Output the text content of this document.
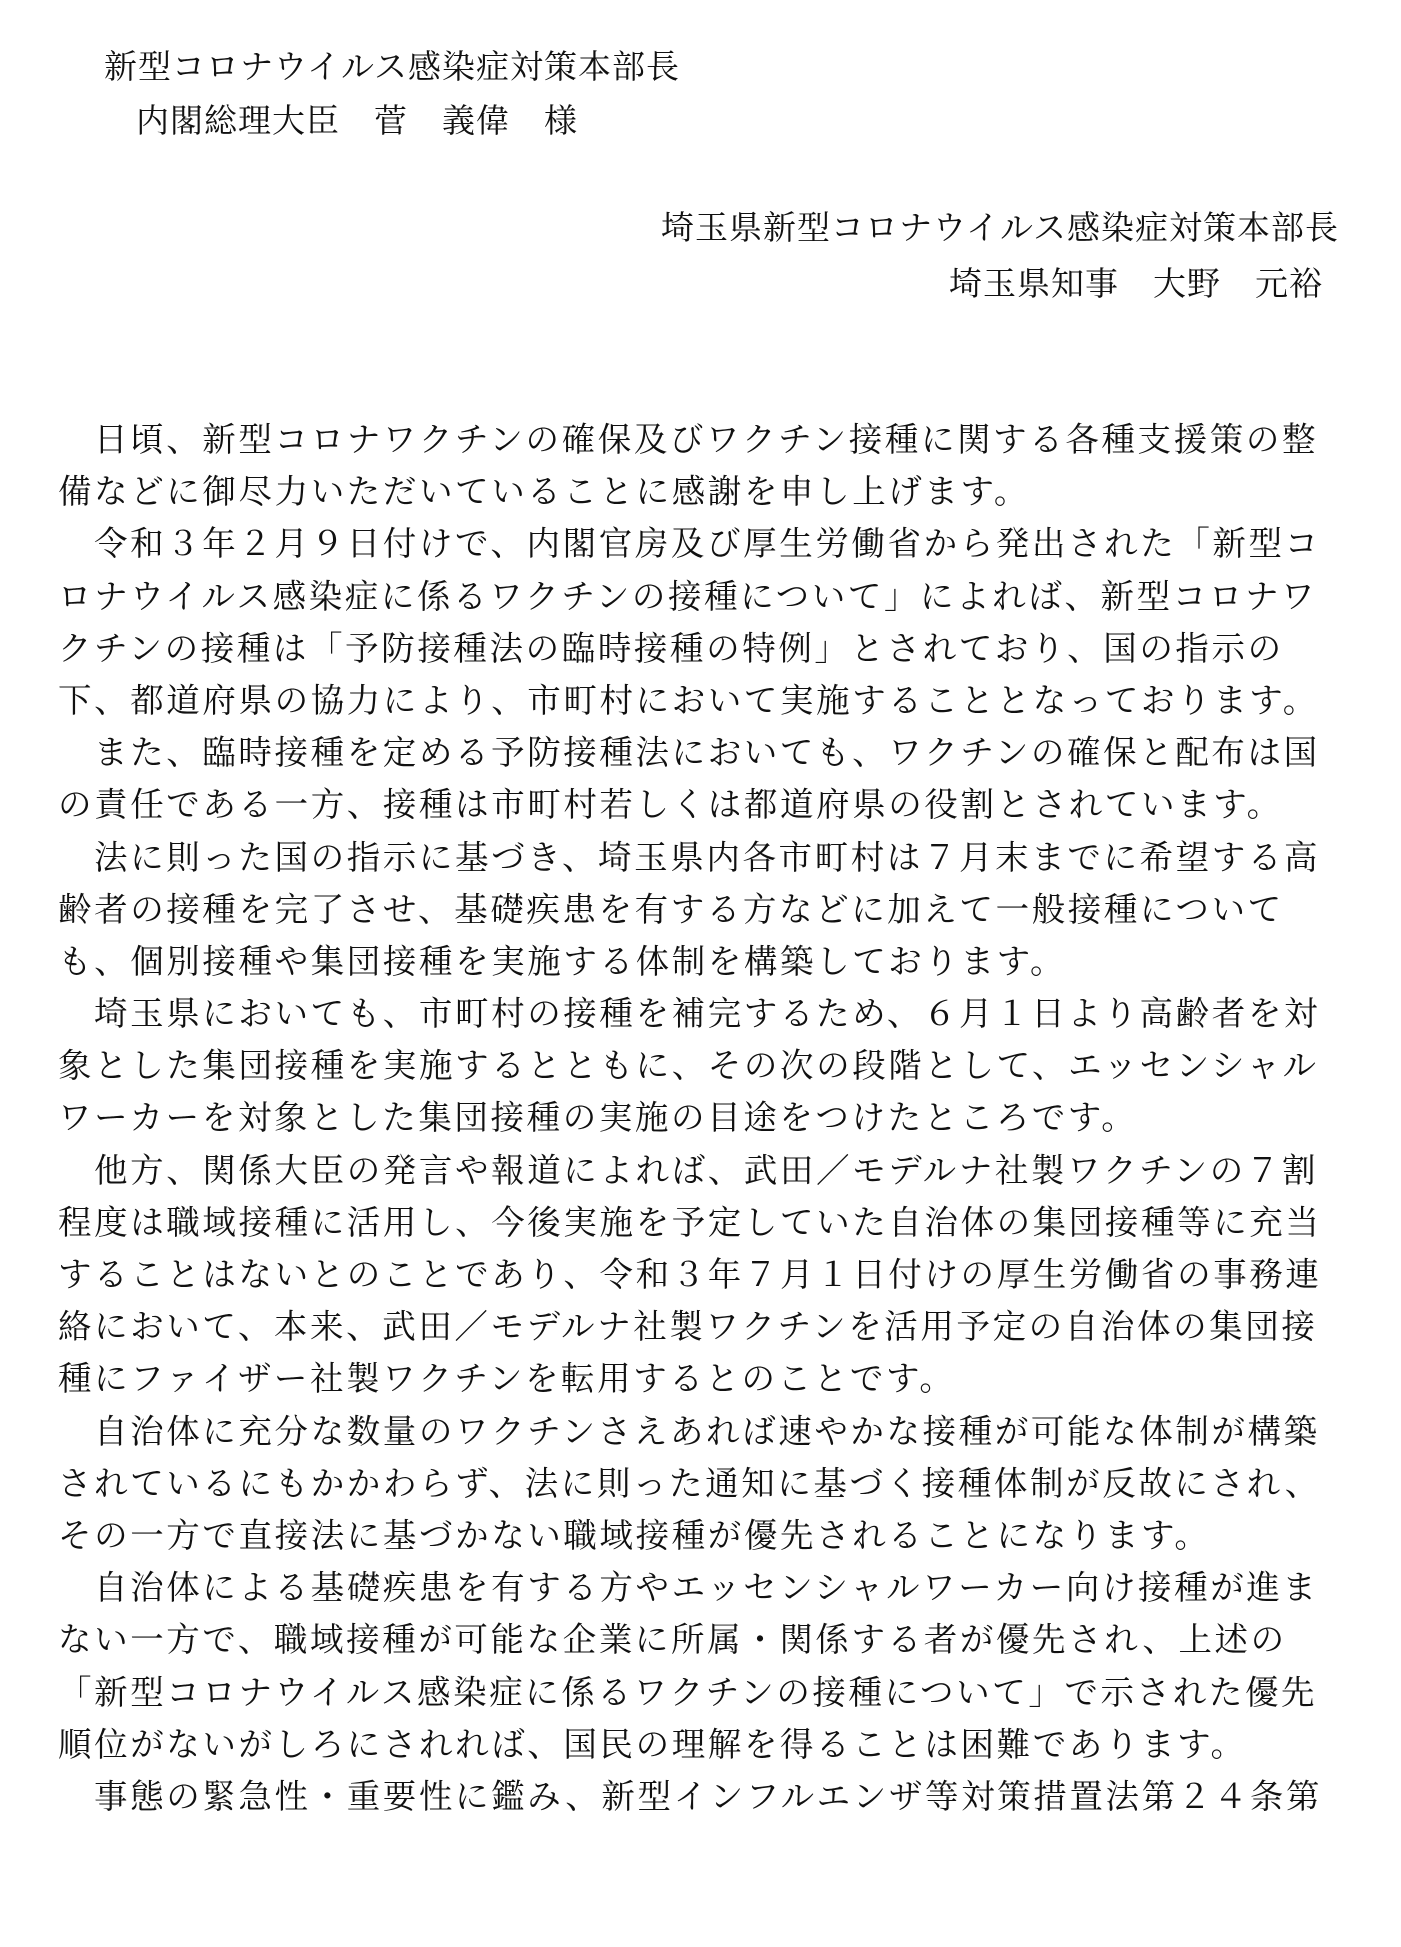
新型コロナウイルス感染症対策本部長
内閣総理大臣　菅　義偉　様
埼玉県新型コロナウイルス感染症対策本部長
埼玉県知事　大野　元裕
日頃、新型コロナワクチンの確保及びワクチン接種に関する各種支援策の整
備などに御尽力いただいていることに感謝を申し上げます。
令和３年２月９日付けで、内閣官房及び厚生労働省から発出された「新型コ
ロナウイルス感染症に係るワクチンの接種について」によれば、新型コロナワ
クチンの接種は「予防接種法の臨時接種の特例」とされており、国の指示の
下、都道府県の協力により、市町村において実施することとなっております。
また、臨時接種を定める予防接種法においても、ワクチンの確保と配布は国
の責任である一方、接種は市町村若しくは都道府県の役割とされています。
法に則った国の指示に基づき、埼玉県内各市町村は７月末までに希望する高
齢者の接種を完了させ、基礎疾患を有する方などに加えて一般接種について
も、個別接種や集団接種を実施する体制を構築しております。
埼玉県においても、市町村の接種を補完するため、６月１日より高齢者を対
象とした集団接種を実施するとともに、その次の段階として、エッセンシャル
ワーカーを対象とした集団接種の実施の目途をつけたところです。
他方、関係大臣の発言や報道によれば、武田／モデルナ社製ワクチンの７割
程度は職域接種に活用し、今後実施を予定していた自治体の集団接種等に充当
することはないとのことであり、令和３年７月１日付けの厚生労働省の事務連
絡において、本来、武田／モデルナ社製ワクチンを活用予定の自治体の集団接
種にファイザー社製ワクチンを転用するとのことです。
自治体に充分な数量のワクチンさえあれば速やかな接種が可能な体制が構築
されているにもかかわらず、法に則った通知に基づく接種体制が反故にされ、
その一方で直接法に基づかない職域接種が優先されることになります。
自治体による基礎疾患を有する方やエッセンシャルワーカー向け接種が進ま
ない一方で、職域接種が可能な企業に所属・関係する者が優先され、上述の
「新型コロナウイルス感染症に係るワクチンの接種について」で示された優先
順位がないがしろにされれば、国民の理解を得ることは困難であります。
事態の緊急性・重要性に鑑み、新型インフルエンザ等対策措置法第２４条第
